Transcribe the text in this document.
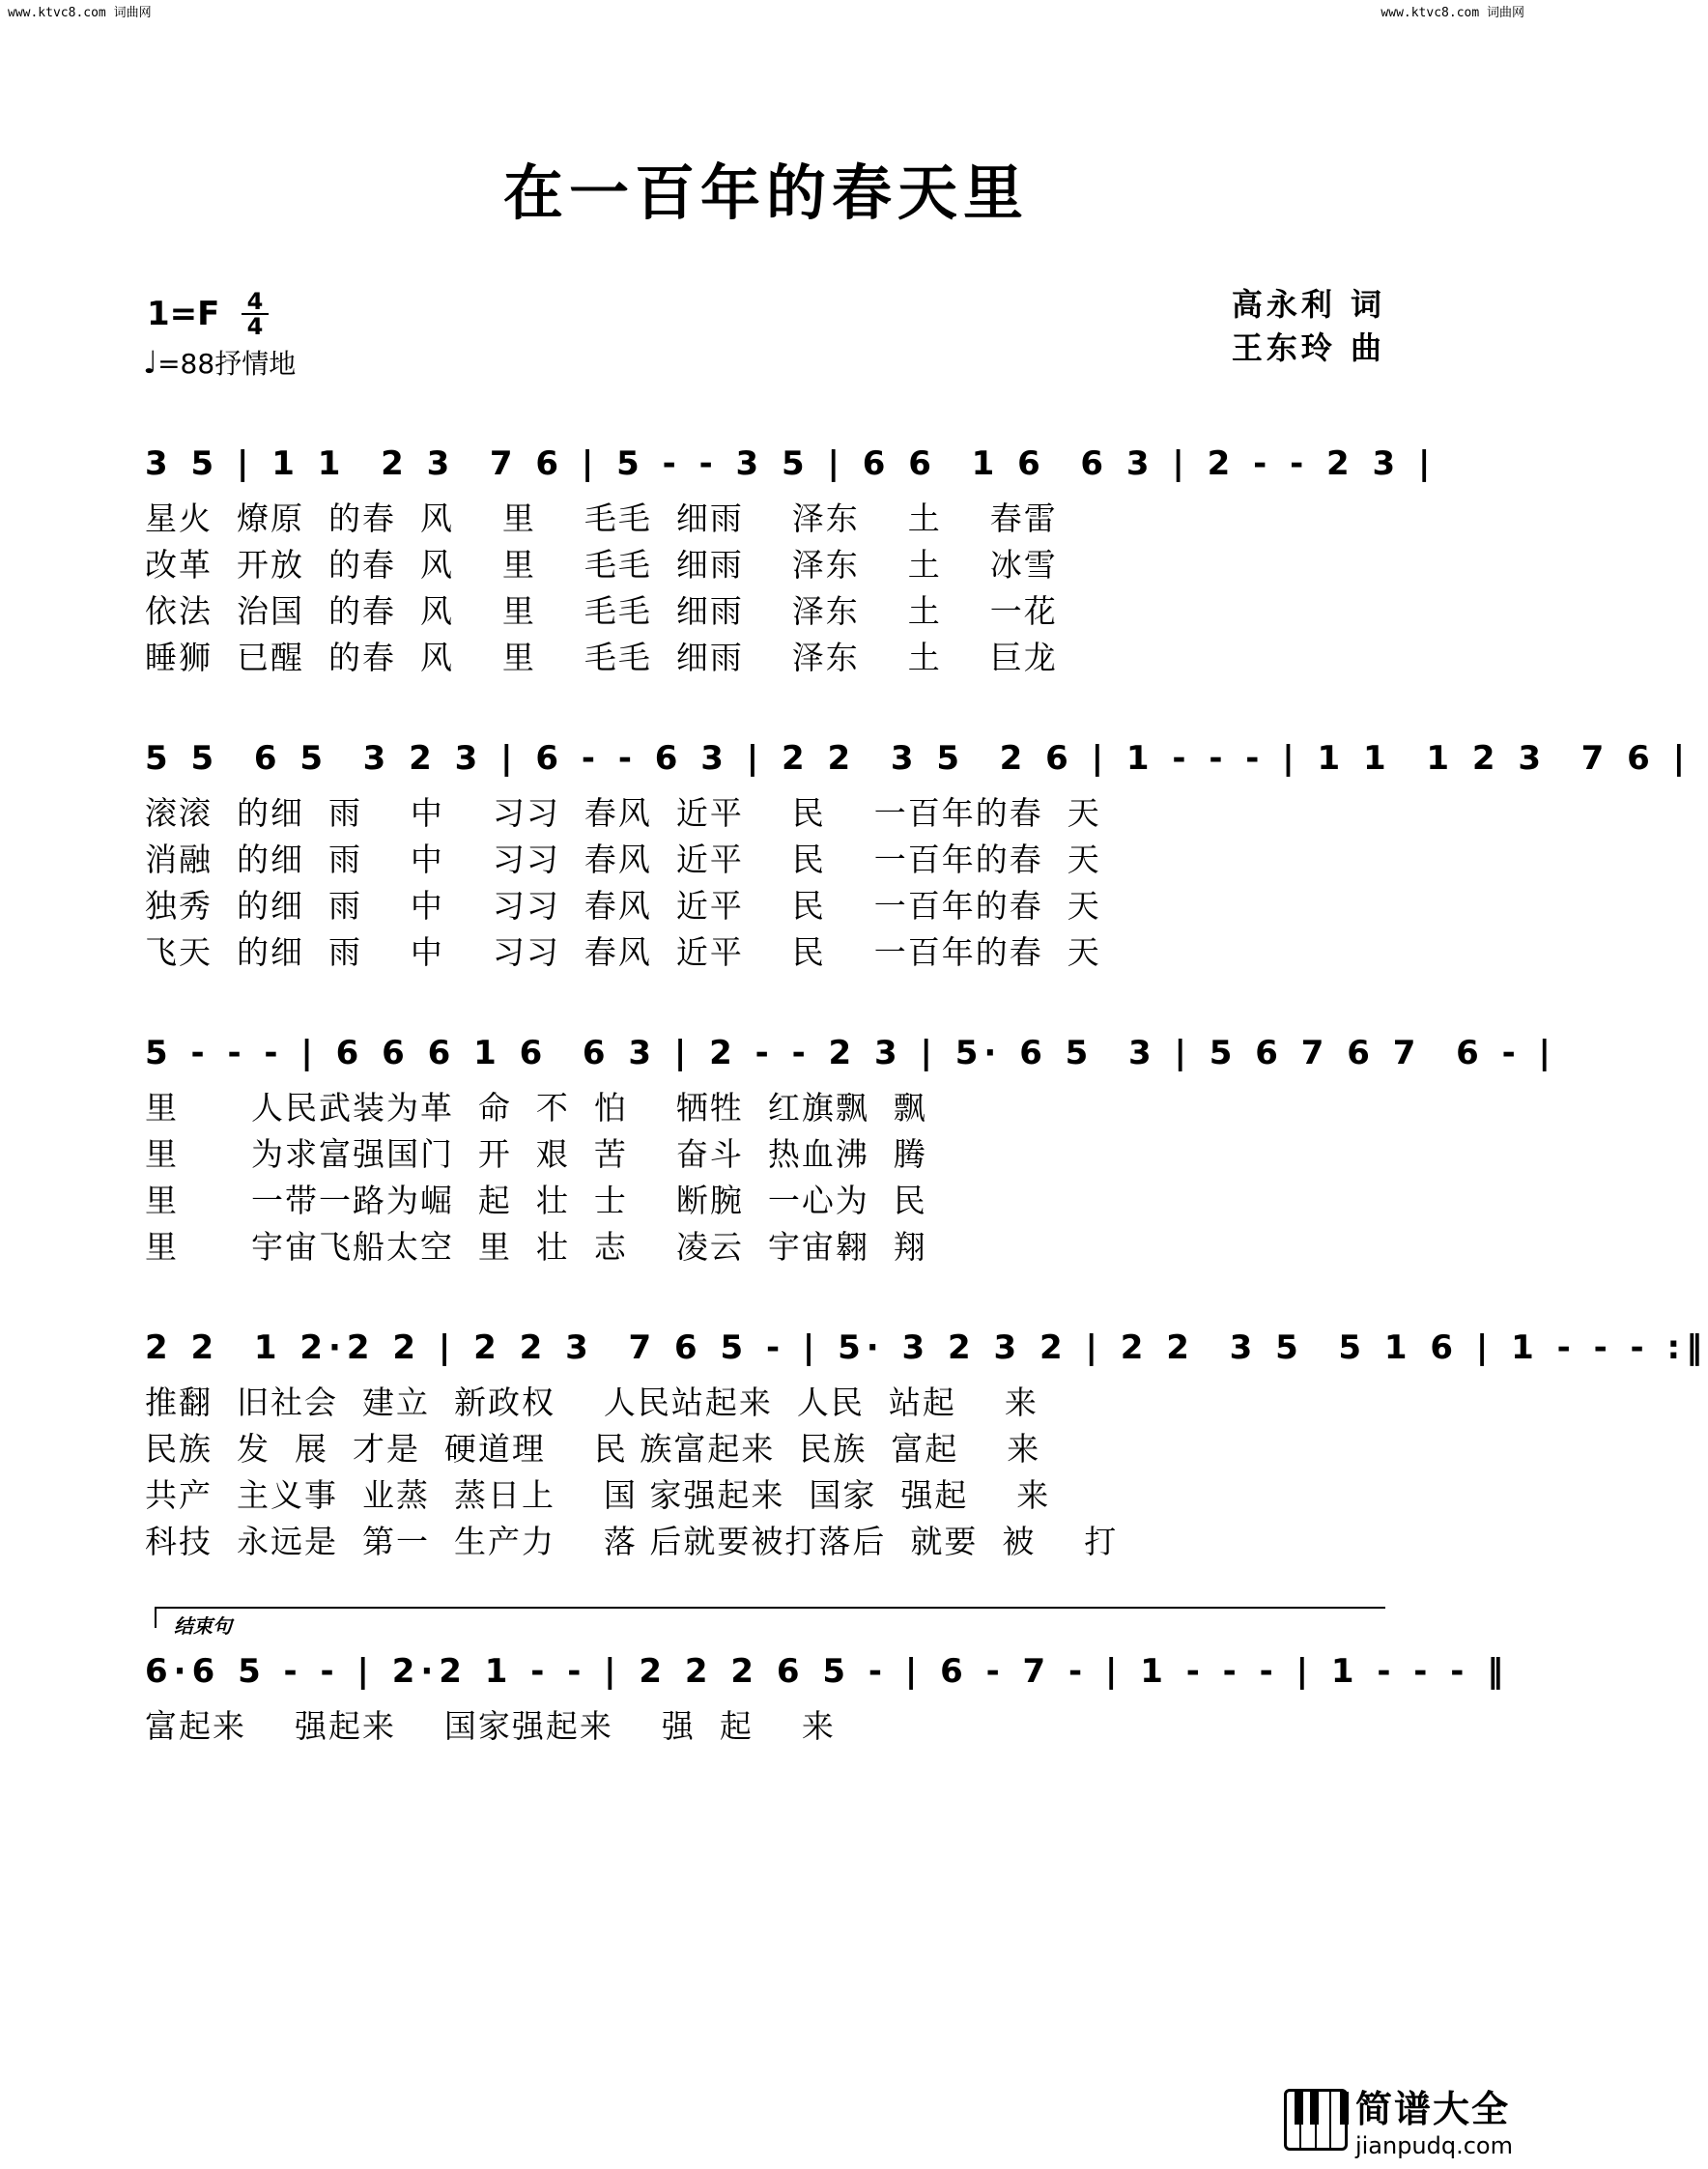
www.ktvc8.com 词曲网	www.ktvc8.com 词曲网
在一百年的春天里
$1=F \frac{4}{4}$
♩=88抒情地
高永利 词
王东玲 曲
3 5 | 1 1  2 3  7 6 | 5 - - 3 5 | 6 6  1 6  6 3 | 2 - - 2 3 |
星火  燎原  的春  风    里    毛毛  细雨    泽东    土    春雷
改革  开放  的春  风    里    毛毛  细雨    泽东    土    冰雪
依法  治国  的春  风    里    毛毛  细雨    泽东    土    一花
睡狮  已醒  的春  风    里    毛毛  细雨    泽东    土    巨龙
5 5  6 5  3 2 3 | 6 - - 6 3 | 2 2  3 5  2 6 | 1 - - - | 1 1  1 2 3  7 6 |
滚滚  的细  雨    中    习习  春风  近平    民    一百年的春  天
消融  的细  雨    中    习习  春风  近平    民    一百年的春  天
独秀  的细  雨    中    习习  春风  近平    民    一百年的春  天
飞天  的细  雨    中    习习  春风  近平    民    一百年的春  天
5 - - - | 6 6 6 1 6  6 3 | 2 - - 2 3 | 5· 6 5  3 | 5 6 7 6 7  6 - |
里      人民武装为革  命  不  怕    牺牲  红旗飘  飘
里      为求富强国门  开  艰  苦    奋斗  热血沸  腾
里      一带一路为崛  起  壮  士    断腕  一心为  民
里      宇宙飞船太空  里  壮  志    凌云  宇宙翱  翔
2 2  1 2·2 2 | 2 2 3  7 6 5 - | 5· 3 2 3 2 | 2 2  3 5  5 1 6 | 1 - - - :‖
推翻  旧社会  建立  新政权    人民站起来  人民  站起    来
民族  发  展  才是  硬道理    民 族富起来  民族  富起    来
共产  主义事  业蒸  蒸日上    国 家强起来  国家  强起    来
科技  永远是  第一  生产力    落 后就要被打落后  就要  被    打
结束句
6·6 5 - - | 2·2 1 - - | 2 2 2 6 5 - | 6 - 7 - | 1 - - - | 1 - - - ‖
富起来    强起来    国家强起来    强  起    来
简谱大全
jianpudq.com
